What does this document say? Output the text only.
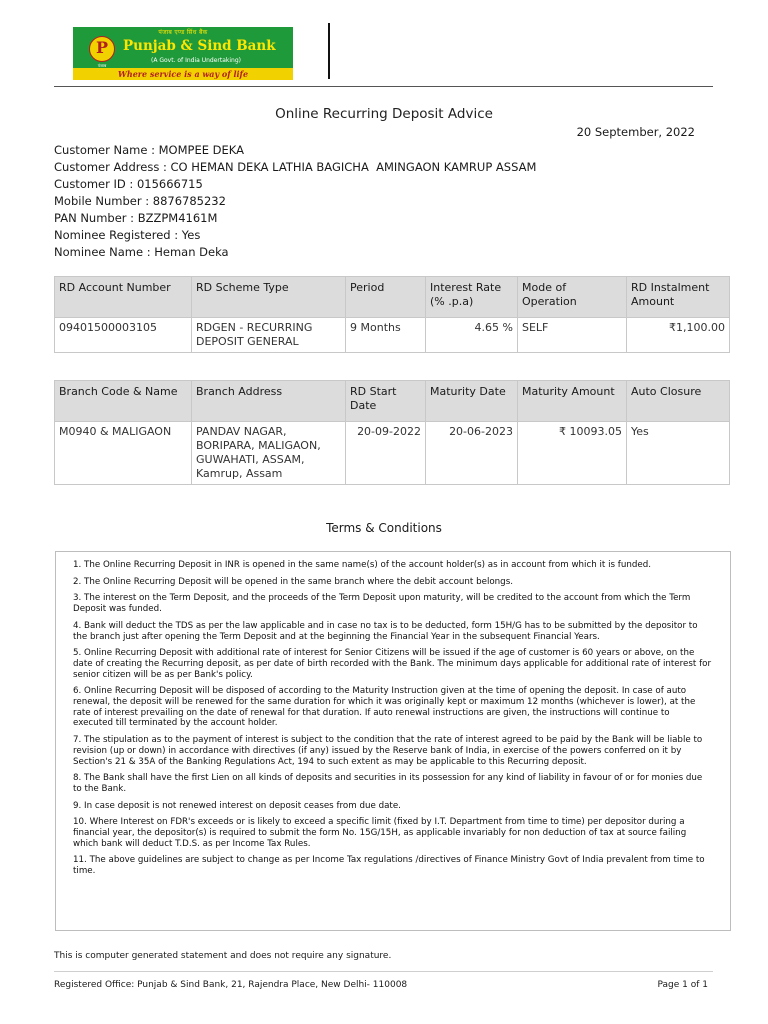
पंजाब एण्ड सिंध बैंक
P
पंजाब
Punjab & Sind Bank
(A Govt. of India Undertaking)
Where service is a way of life
Online Recurring Deposit Advice
20 September, 2022
Customer Name : MOMPEE DEKA
Customer Address : CO HEMAN DEKA LATHIA BAGICHA  AMINGAON KAMRUP ASSAM
Customer ID : 015666715
Mobile Number : 8876785232
PAN Number : BZZPM4161M
Nominee Registered : Yes
Nominee Name : Heman Deka
RD Account Number	RD Scheme Type	Period	Interest Rate (% .p.a)	Mode of Operation	RD Instalment Amount
09401500003105	RDGEN - RECURRING DEPOSIT GENERAL	9 Months	4.65 %	SELF	₹1,100.00
Branch Code & Name	Branch Address	RD Start Date	Maturity Date	Maturity Amount	Auto Closure
M0940 & MALIGAON	PANDAV NAGAR, BORIPARA, MALIGAON, GUWAHATI, ASSAM, Kamrup, Assam	20-09-2022	20-06-2023	₹ 10093.05	Yes
Terms & Conditions

1. The Online Recurring Deposit in INR is opened in the same name(s) of the account holder(s) as in account from which it is funded.

2. The Online Recurring Deposit will be opened in the same branch where the debit account belongs.

3. The interest on the Term Deposit, and the proceeds of the Term Deposit upon maturity, will be credited to the account from which the Term Deposit was funded.

4. Bank will deduct the TDS as per the law applicable and in case no tax is to be deducted, form 15H/G has to be submitted by the depositor to the branch just after opening the Term Deposit and at the beginning the Financial Year in the subsequent Financial Years.

5. Online Recurring Deposit with additional rate of interest for Senior Citizens will be issued if the age of customer is 60 years or above, on the date of creating the Recurring deposit, as per date of birth recorded with the Bank. The minimum days applicable for additional rate of interest for senior citizen will be as per Bank's policy.

6. Online Recurring Deposit will be disposed of according to the Maturity Instruction given at the time of opening the deposit. In case of auto renewal, the deposit will be renewed for the same duration for which it was originally kept or maximum 12 months (whichever is lower), at the rate of interest prevailing on the date of renewal for that duration. If auto renewal instructions are given, the instructions will continue to executed till terminated by the account holder.

7. The stipulation as to the payment of interest is subject to the condition that the rate of interest agreed to be paid by the Bank will be liable to revision (up or down) in accordance with directives (if any) issued by the Reserve bank of India, in exercise of the powers conferred on it by Section's 21 & 35A of the Banking Regulations Act, 194 to such extent as may be applicable to this Recurring deposit.

8. The Bank shall have the first Lien on all kinds of deposits and securities in its possession for any kind of liability in favour of or for monies due to the Bank.

9. In case deposit is not renewed interest on deposit ceases from due date.

10. Where Interest on FDR's exceeds or is likely to exceed a specific limit (fixed by I.T. Department from time to time) per depositor during a financial year, the depositor(s) is required to submit the form No. 15G/15H, as applicable invariably for non deduction of tax at source failing which bank will deduct T.D.S. as per Income Tax Rules.

11. The above guidelines are subject to change as per Income Tax regulations /directives of Finance Ministry Govt of India prevalent from time to time.

This is computer generated statement and does not require any signature.
Registered Office: Punjab & Sind Bank, 21, Rajendra Place, New Delhi- 110008	Page 1 of 1
